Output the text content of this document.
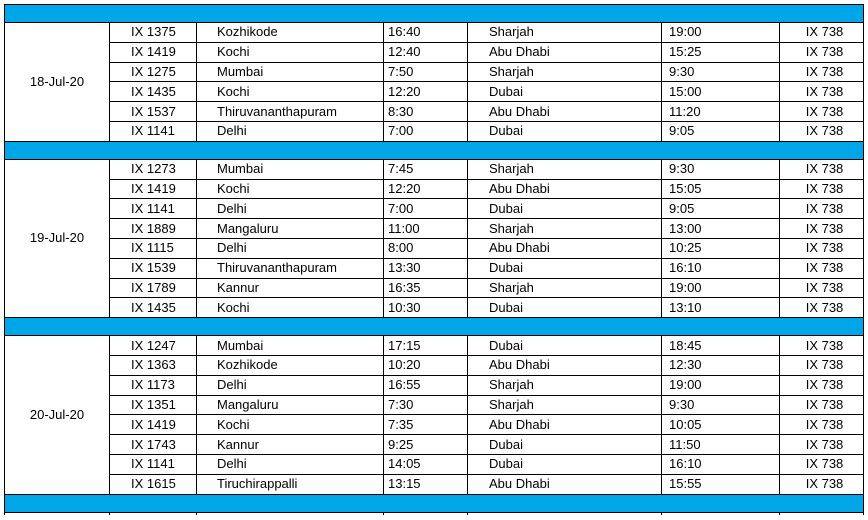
18-Jul-20	IX 1375	Kozhikode	16:40	Sharjah	19:00	IX 738
	IX 1419	Kochi	12:40	Abu Dhabi	15:25	IX 738
	IX 1275	Mumbai	7:50	Sharjah	9:30	IX 738
	IX 1435	Kochi	12:20	Dubai	15:00	IX 738
	IX 1537	Thiruvananthapuram	8:30	Abu Dhabi	11:20	IX 738
	IX 1141	Delhi	7:00	Dubai	9:05	IX 738

19-Jul-20	IX 1273	Mumbai	7:45	Sharjah	9:30	IX 738
	IX 1419	Kochi	12:20	Abu Dhabi	15:05	IX 738
	IX 1141	Delhi	7:00	Dubai	9:05	IX 738
	IX 1889	Mangaluru	11:00	Sharjah	13:00	IX 738
	IX 1115	Delhi	8:00	Abu Dhabi	10:25	IX 738
	IX 1539	Thiruvananthapuram	13:30	Dubai	16:10	IX 738
	IX 1789	Kannur	16:35	Sharjah	19:00	IX 738
	IX 1435	Kochi	10:30	Dubai	13:10	IX 738

20-Jul-20	IX 1247	Mumbai	17:15	Dubai	18:45	IX 738
	IX 1363	Kozhikode	10:20	Abu Dhabi	12:30	IX 738
	IX 1173	Delhi	16:55	Sharjah	19:00	IX 738
	IX 1351	Mangaluru	7:30	Sharjah	9:30	IX 738
	IX 1419	Kochi	7:35	Abu Dhabi	10:05	IX 738
	IX 1743	Kannur	9:25	Dubai	11:50	IX 738
	IX 1141	Delhi	14:05	Dubai	16:10	IX 738
	IX 1615	Tiruchirappalli	13:15	Abu Dhabi	15:55	IX 738
